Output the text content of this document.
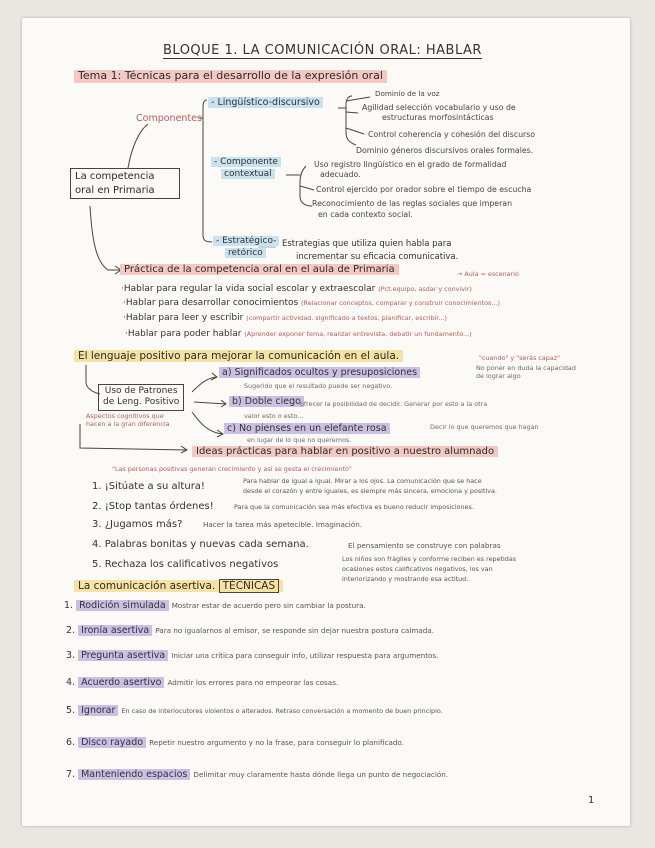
BLOQUE 1. LA COMUNICACIÓN ORAL: HABLAR
Tema 1: Técnicas para el desarrollo de la expresión oral
La competencia oral en Primaria
Componentes
- Lingüístico-discursivo
Dominio de la voz
Agilidad selección vocabulario y uso de
estructuras morfosintácticas
Control coherencia y cohesión del discurso
Dominio géneros discursivos orales formales.
- Componente
contextual
Uso registro lingüístico en el grado de formalidad
adecuado.
Control ejercido por orador sobre el tiempo de escucha
Reconocimiento de las reglas sociales que imperan
en cada contexto social.
- Estratégico-
retórico
Estrategias que utiliza quien habla para
incrementar su eficacia comunicativa.
Práctica de la competencia oral en el aula de Primaria	→ Aula = escenario
·Hablar para regular la vida social escolar y extraescolar (Pct.equipo, asdar y convivir)
·Hablar para desarrollar conocimientos (Relacionar conceptos, comparar y construir conocimientos...)
·Hablar para leer y escribir (compartir actividad, significado a textos, planificar, escribir...)
·Hablar para poder hablar (Aprender exponer tema, realizar entrevista, debatir un fundamento...)
El lenguaje positivo para mejorar la comunicación en el aula.	"cuando" y "serás capaz"
Uso de Patrones
de Leng. Positivo
Aspectos cognitivos que hacen a la gran diferencia
a) Significados ocultos y presuposiciones
Sugerido que el resultado puede ser negativo.
No poner en duda la capacidad de lograr algo
b) Doble ciego ofrecer la posibilidad de decidir. Generar por esto a la otra
valor esto o esto...
c) No pienses en un elefante rosa	Decir lo que queremos que hagan
en lugar de lo que no queremos.
Ideas prácticas para hablar en positivo a nuestro alumnado
"Las personas positivas generan crecimiento y así se gesta el crecimiento"
1. ¡Sitúate a su altura!	Para hablar de igual a igual. Mirar a los ojos. La comunicación que se hace
desde el corazón y entre iguales, es siempre más sincera, emociona y positiva.
2. ¡Stop tantas órdenes!	Para que la comunicación sea más efectiva es bueno reducir imposiciones.
3. ¿Jugamos más?	Hacer la tarea más apetecible. Imaginación.
4. Palabras bonitas y nuevas cada semana.	El pensamiento se construye con palabras
5. Rechaza los calificativos negativos	Los niños son frágiles y conforme reciben es repetidas
ocasiones estos calificativos negativos, los van
interiorizando y mostrando esa actitud.
La comunicación asertiva. TÉCNICAS
1. Rodición simulada Mostrar estar de acuerdo pero sin cambiar la postura.
2. Ironía asertiva Para no igualarnos al emisor, se responde sin dejar nuestra postura calmada.
3. Pregunta asertiva Iniciar una crítica para conseguir info, utilizar respuesta para argumentos.
4. Acuerdo asertivo Admitir los errores para no empeorar las cosas.
5. Ignorar En caso de interlocutores violentos o alterados. Retraso conversación a momento de buen principio.
6. Disco rayado Repetir nuestro argumento y no la frase, para conseguir lo planificado.
7. Manteniendo espacios Delimitar muy claramente hasta dónde llega un punto de negociación.
1
